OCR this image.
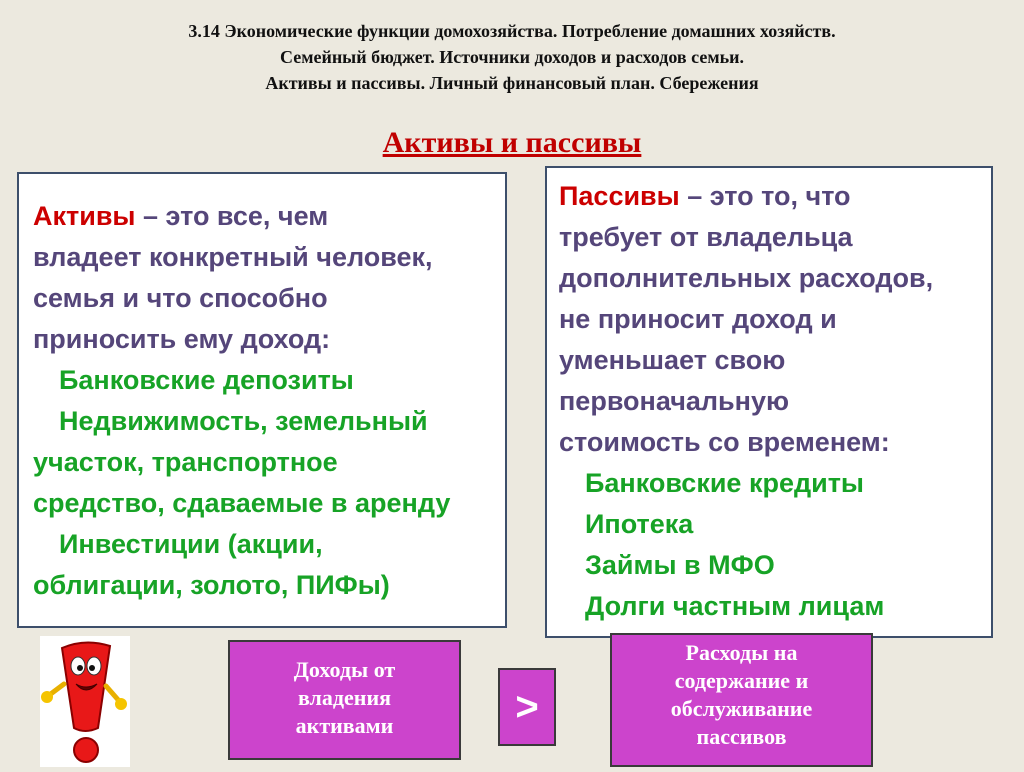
3.14 Экономические функции домохозяйства. Потребление домашних хозяйств.
Семейный бюджет. Источники доходов и расходов семьи.
Активы и пассивы. Личный финансовый план. Сбережения
Активы и пассивы
Активы – это все, чем
владеет конкретный человек,
семья и что способно
приносить ему доход:
Банковские депозиты
Недвижимость, земельный
участок, транспортное
средство, сдаваемые в аренду
Инвестиции (акции,
облигации, золото, ПИФы)
Пассивы – это то, что
требует от владельца
дополнительных расходов,
не приносит доход и
уменьшает свою
первоначальную
стоимость со временем:
Банковские кредиты
Ипотека
Займы в МФО
Долги частным лицам
Доходы от
владения
активами	>
Расходы на
содержание и
обслуживание
пассивов
